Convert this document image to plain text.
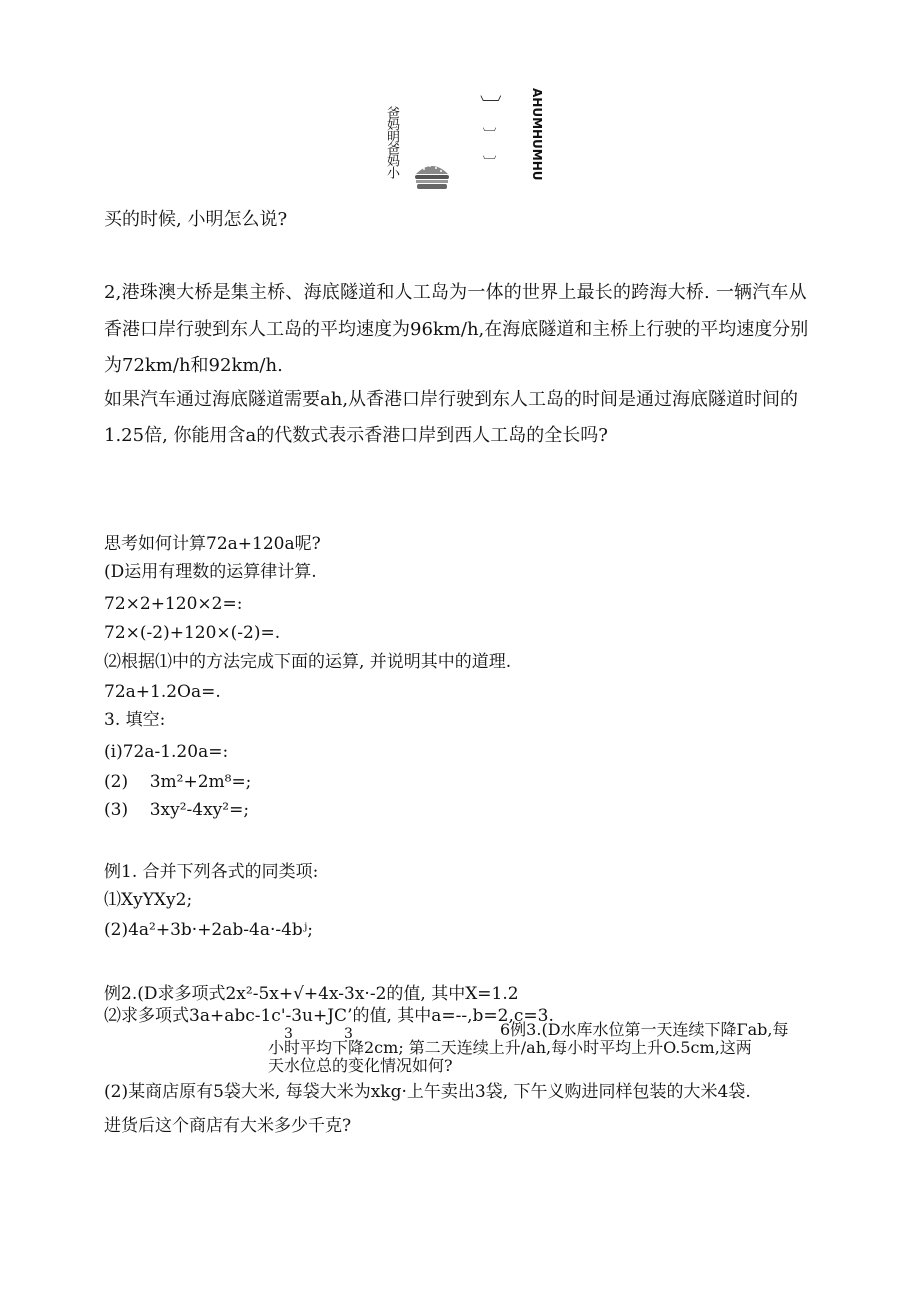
爸妈明爸妈小
〕
〕
〕	AHUMHUMHU
买的时候, 小明怎么说?
2,港珠澳大桥是集主桥、海底隧道和人工岛为一体的世界上最长的跨海大桥. 一辆汽车从
香港口岸行驶到东人工岛的平均速度为96km/h,在海底隧道和主桥上行驶的平均速度分别
为72km/h和92km/h.
如果汽车通过海底隧道需要ah,从香港口岸行驶到东人工岛的时间是通过海底隧道时间的
1.25倍, 你能用含a的代数式表示香港口岸到西人工岛的全长吗?
思考如何计算72a+120a呢?
(D运用有理数的运算律计算.
72×2+120×2=:
72×(-2)+120×(-2)=.
⑵根据⑴中的方法完成下面的运算, 并说明其中的道理.
72a+1.2Oa=.
3. 填空:
(i)72a-1.20a=:
(2)    3m²+2m⁸=;
(3)    3xy²-4xy²=;
例1. 合并下列各式的同类项:
⑴XyYXy2;
(2)4a²+3b·+2ab-4a·-4bʲ;
例2.(D求多项式2x²-5x+√+4x-3x·-2的值, 其中X=1.2
⑵求多项式3a+abc-1c'-3u+JC’的值, 其中a=--,b=2,c=3.
3	3	6例3.(D水库水位第一天连续下降Γab,每
小时平均下降2cm; 第二天连续上升/ah,每小时平均上升O.5cm,这两
天水位总的变化情况如何?
(2)某商店原有5袋大米, 每袋大米为xkg·上午卖出3袋, 下午义购进同样包装的大米4袋.
进货后这个商店有大米多少千克?
